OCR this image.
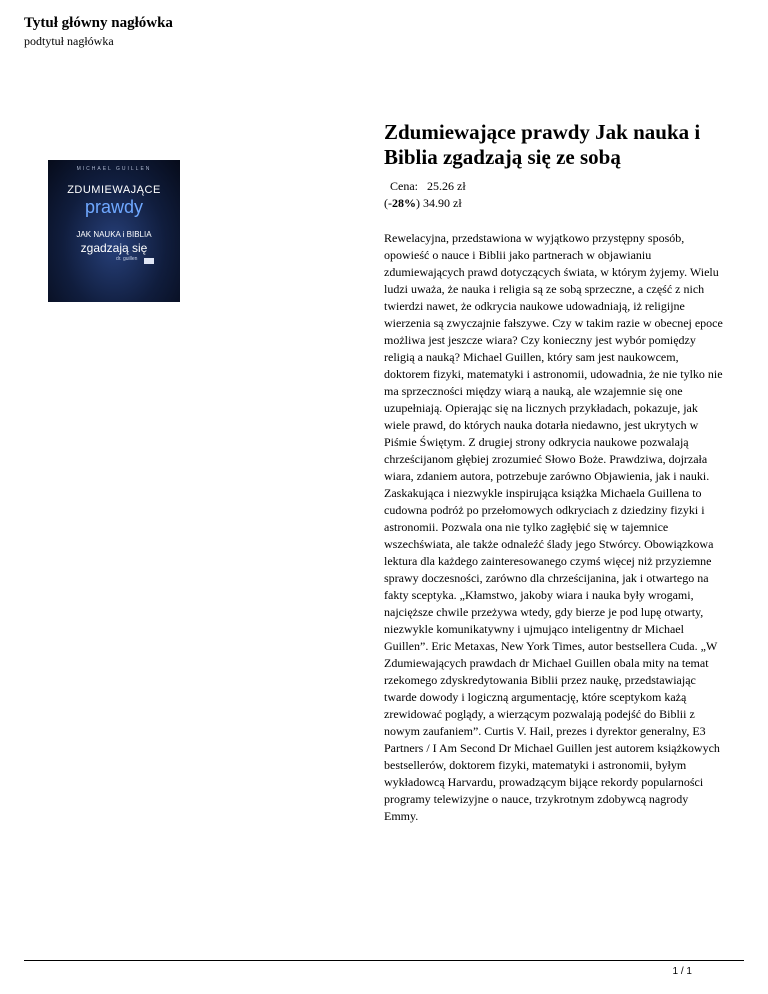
Tytuł główny nagłówka
podtytuł nagłówka
MICHAEL GUILLEN
ZDUMIEWAJĄCE
prawdy
JAK NAUKA i BIBLIA
zgadzają się
dr. guillen
Zdumiewające prawdy Jak nauka i Biblia zgadzają się ze sobą
Cena: 25.26 zł
(-28%) 34.90 zł
Rewelacyjna, przedstawiona w wyjątkowo przystępny sposób, opowieść o nauce i Biblii jako partnerach w objawianiu zdumiewających prawd dotyczących świata, w którym żyjemy. Wielu ludzi uważa, że nauka i religia są ze sobą sprzeczne, a część z nich twierdzi nawet, że odkrycia naukowe udowadniają, iż religijne wierzenia są zwyczajnie fałszywe. Czy w takim razie w obecnej epoce możliwa jest jeszcze wiara? Czy konieczny jest wybór pomiędzy religią a nauką? Michael Guillen, który sam jest naukowcem, doktorem fizyki, matematyki i astronomii, udowadnia, że nie tylko nie ma sprzeczności między wiarą a nauką, ale wzajemnie się one uzupełniają. Opierając się na licznych przykładach, pokazuje, jak wiele prawd, do których nauka dotarła niedawno, jest ukrytych w Piśmie Świętym. Z drugiej strony odkrycia naukowe pozwalają chrześcijanom głębiej zrozumieć Słowo Boże. Prawdziwa, dojrzała wiara, zdaniem autora, potrzebuje zarówno Objawienia, jak i nauki. Zaskakująca i niezwykle inspirująca książka Michaela Guillena to cudowna podróż po przełomowych odkryciach z dziedziny fizyki i astronomii. Pozwala ona nie tylko zagłębić się w tajemnice wszechświata, ale także odnaleźć ślady jego Stwórcy. Obowiązkowa lektura dla każdego zainteresowanego czymś więcej niż przyziemne sprawy doczesności, zarówno dla chrześcijanina, jak i otwartego na fakty sceptyka. „Kłamstwo, jakoby wiara i nauka były wrogami, najcięższe chwile przeżywa wtedy, gdy bierze je pod lupę otwarty, niezwykle komunikatywny i ujmująco inteligentny dr Michael Guillen”. Eric Metaxas, New York Times, autor bestsellera Cuda. „W Zdumiewających prawdach dr Michael Guillen obala mity na temat rzekomego zdyskredytowania Biblii przez naukę, przedstawiając twarde dowody i logiczną argumentację, które sceptykom każą zrewidować poglądy, a wierzącym pozwalają podejść do Biblii z nowym zaufaniem”. Curtis V. Hail, prezes i dyrektor generalny, E3 Partners / I Am Second Dr Michael Guillen jest autorem książkowych bestsellerów, doktorem fizyki, matematyki i astronomii, byłym wykładowcą Harvardu, prowadzącym bijące rekordy popularności programy telewizyjne o nauce, trzykrotnym zdobywcą nagrody Emmy.
1 / 1
